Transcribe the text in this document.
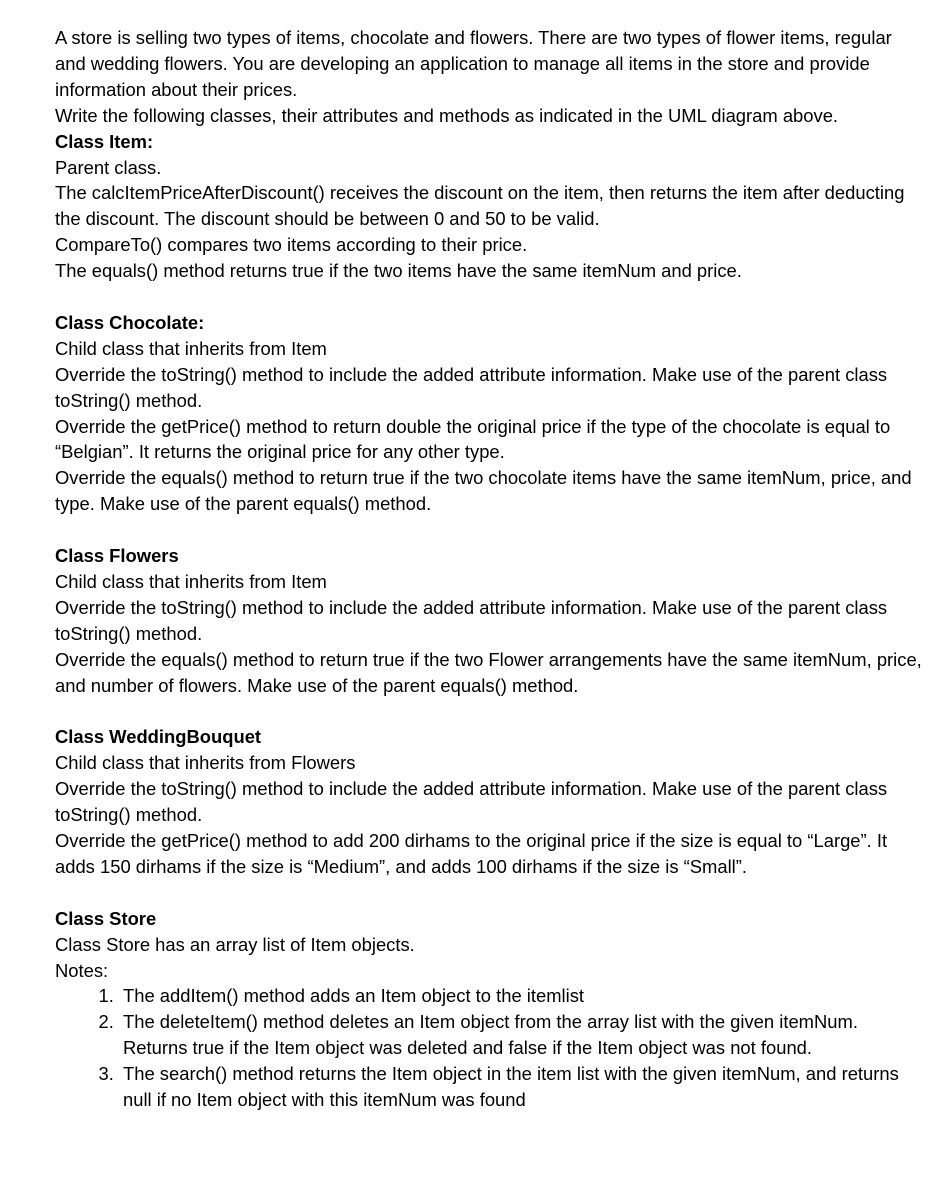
A store is selling two types of items, chocolate and flowers. There are two types of flower items, regular and wedding flowers. You are developing an application to manage all items in the store and provide information about their prices.

Write the following classes, their attributes and methods as indicated in the UML diagram above.

Class Item:

Parent class.

The calcItemPriceAfterDiscount() receives the discount on the item, then returns the item after deducting the discount. The discount should be between 0 and 50 to be valid.

CompareTo() compares two items according to their price.

The equals() method returns true if the two items have the same itemNum and price.

Class Chocolate:

Child class that inherits from Item

Override the toString() method to include the added attribute information. Make use of the parent class toString() method.

Override the getPrice() method to return double the original price if the type of the chocolate is equal to “Belgian”. It returns the original price for any other type.

Override the equals() method to return true if the two chocolate items have the same itemNum, price, and type. Make use of the parent equals() method.

Class Flowers

Child class that inherits from Item

Override the toString() method to include the added attribute information. Make use of the parent class toString() method.

Override the equals() method to return true if the two Flower arrangements have the same itemNum, price, and number of flowers. Make use of the parent equals() method.

Class WeddingBouquet

Child class that inherits from Flowers

Override the toString() method to include the added attribute information. Make use of the parent class toString() method.

Override the getPrice() method to add 200 dirhams to the original price if the size is equal to “Large”. It adds 150 dirhams if the size is “Medium”, and adds 100 dirhams if the size is “Small”.

Class Store

Class Store has an array list of Item objects.

Notes:

1. The addItem() method adds an Item object to the itemlist
2. The deleteItem() method deletes an Item object from the array list with the given itemNum. Returns true if the Item object was deleted and false if the Item object was not found.
3. The search() method returns the Item object in the item list with the given itemNum, and returns null if no Item object with this itemNum was found
